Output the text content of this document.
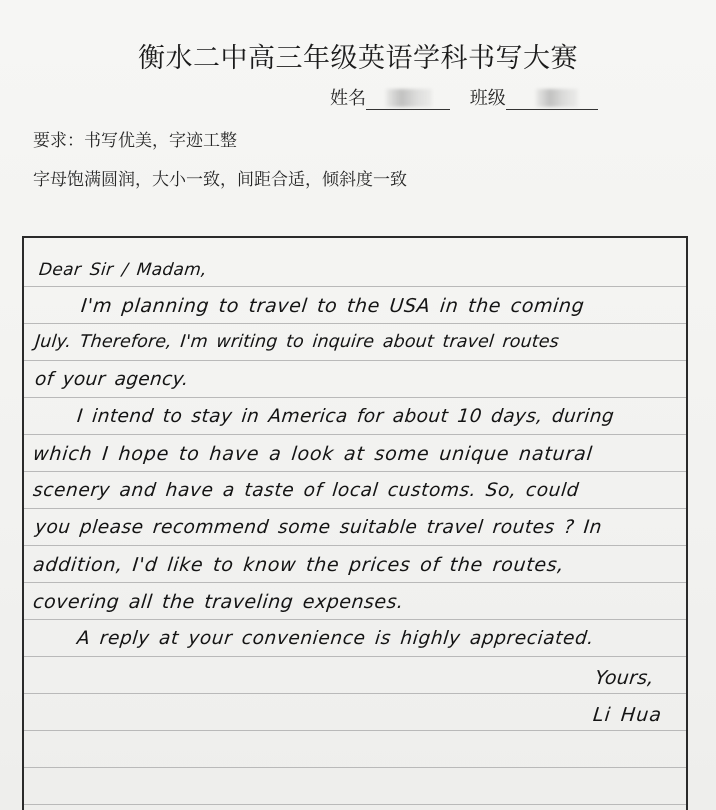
衡水二中高三年级英语学科书写大赛
姓名	班级
要求：书写优美，字迹工整
字母饱满圆润，大小一致，间距合适，倾斜度一致
Dear Sir / Madam,
I'm planning to travel to the USA in the coming
July. Therefore, I'm writing to inquire about travel routes
of your agency.
I intend to stay in America for about 10 days, during
which I hope to have a look at some unique natural
scenery and have a taste of local customs. So, could
you please recommend some suitable travel routes ? In
addition, I'd like to know the prices of the routes,
covering all the traveling expenses.
A reply at your convenience is highly appreciated.
Yours,
Li Hua
